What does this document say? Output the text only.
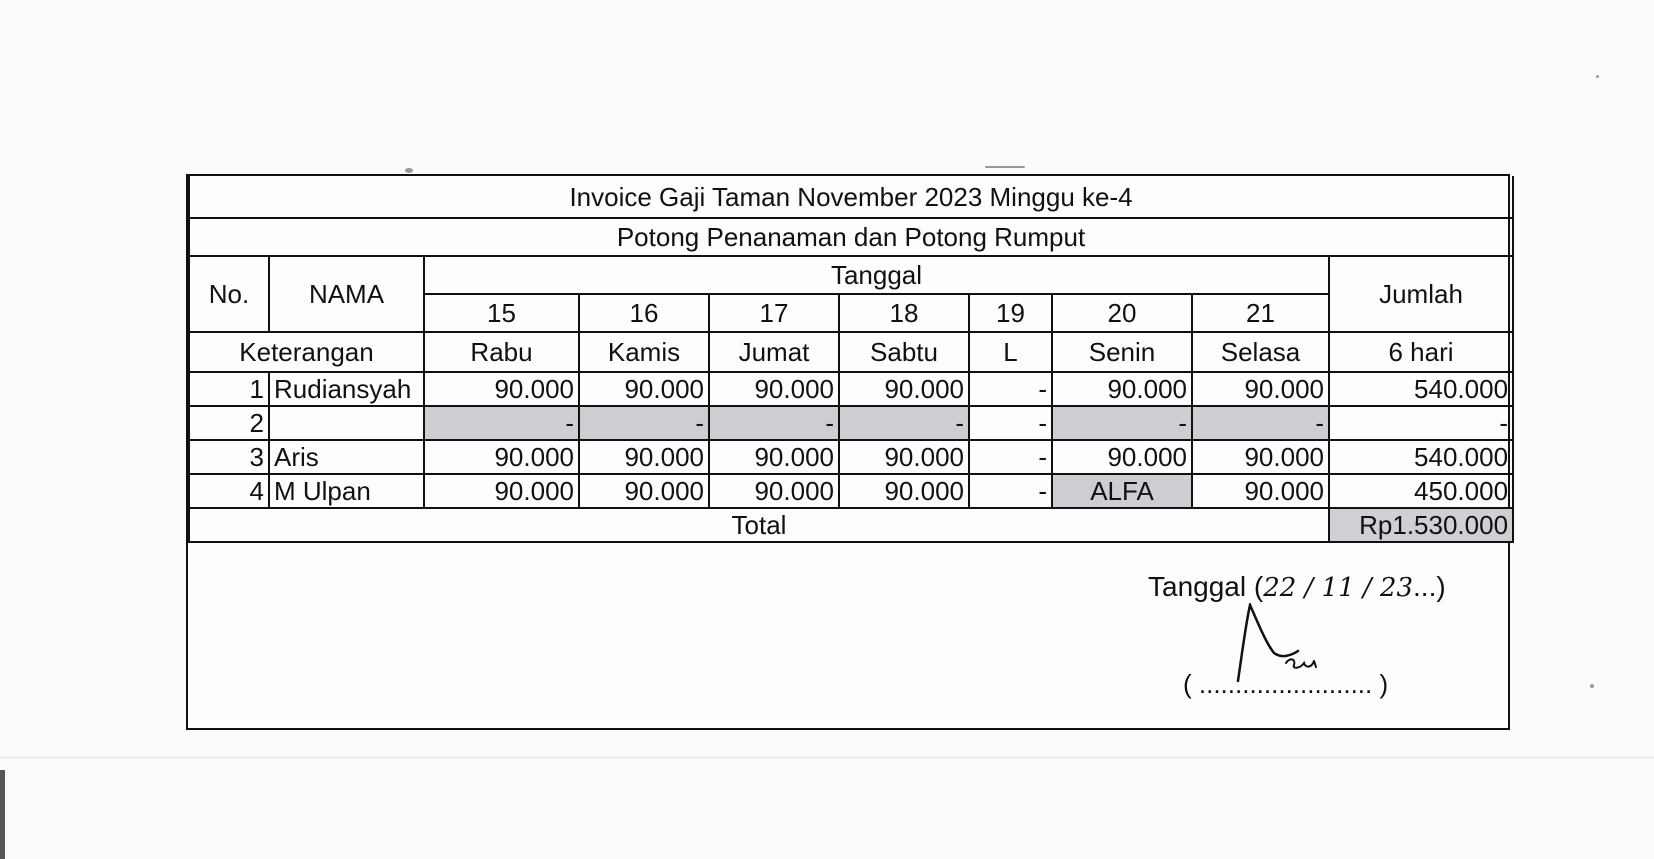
Invoice Gaji Taman November 2023 Minggu ke-4									
Potong Penanaman dan Potong Rumput									
No.	NAMA	Tanggal							Jumlah
		15	16	17	18	19	20	21	
Keterangan		Rabu	Kamis	Jumat	Sabtu	L	Senin	Selasa	6 hari
1	Rudiansyah	90.000	90.000	90.000	90.000	-	90.000	90.000	540.000
2		-	-	-	-	-	-	-	-
3	Aris	90.000	90.000	90.000	90.000	-	90.000	90.000	540.000
4	M Ulpan	90.000	90.000	90.000	90.000	-	ALFA	90.000	450.000
Total									Rp1.530.000
Tanggal (22 / 11 / 23...)
( ........................ )
